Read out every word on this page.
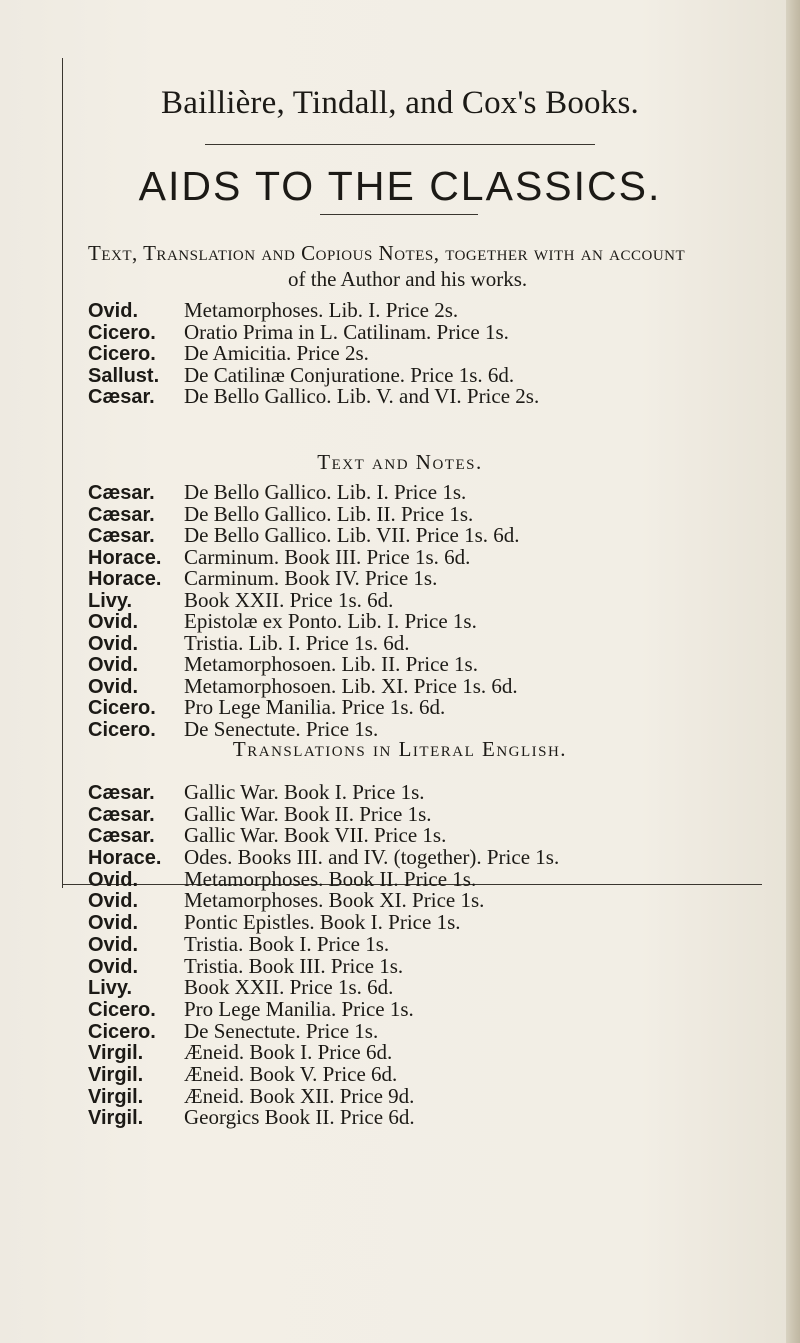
Baillière, Tindall, and Cox's Books.
AIDS TO THE CLASSICS.
Text, Translation and Copious Notes, together with an account
of the Author and his works.
Ovid. Metamorphoses. Lib. I. Price 2s.
Cicero. Oratio Prima in L. Catilinam. Price 1s.
Cicero. De Amicitia. Price 2s.
Sallust. De Catilinæ Conjuratione. Price 1s. 6d.
Cæsar. De Bello Gallico. Lib. V. and VI. Price 2s.
Text and Notes.
Cæsar. De Bello Gallico. Lib. I. Price 1s.
Cæsar. De Bello Gallico. Lib. II. Price 1s.
Cæsar. De Bello Gallico. Lib. VII. Price 1s. 6d.
Horace. Carminum. Book III. Price 1s. 6d.
Horace. Carminum. Book IV. Price 1s.
Livy. Book XXII. Price 1s. 6d.
Ovid. Epistolæ ex Ponto. Lib. I. Price 1s.
Ovid. Tristia. Lib. I. Price 1s. 6d.
Ovid. Metamorphosoen. Lib. II. Price 1s.
Ovid. Metamorphosoen. Lib. XI. Price 1s. 6d.
Cicero. Pro Lege Manilia. Price 1s. 6d.
Cicero. De Senectute. Price 1s.
Translations in Literal English.
Cæsar. Gallic War. Book I. Price 1s.
Cæsar. Gallic War. Book II. Price 1s.
Cæsar. Gallic War. Book VII. Price 1s.
Horace. Odes. Books III. and IV. (together). Price 1s.
Ovid. Metamorphoses. Book II. Price 1s.
Ovid. Metamorphoses. Book XI. Price 1s.
Ovid. Pontic Epistles. Book I. Price 1s.
Ovid. Tristia. Book I. Price 1s.
Ovid. Tristia. Book III. Price 1s.
Livy. Book XXII. Price 1s. 6d.
Cicero. Pro Lege Manilia. Price 1s.
Cicero. De Senectute. Price 1s.
Virgil. Æneid. Book I. Price 6d.
Virgil. Æneid. Book V. Price 6d.
Virgil. Æneid. Book XII. Price 9d.
Virgil. Georgics Book II. Price 6d.
